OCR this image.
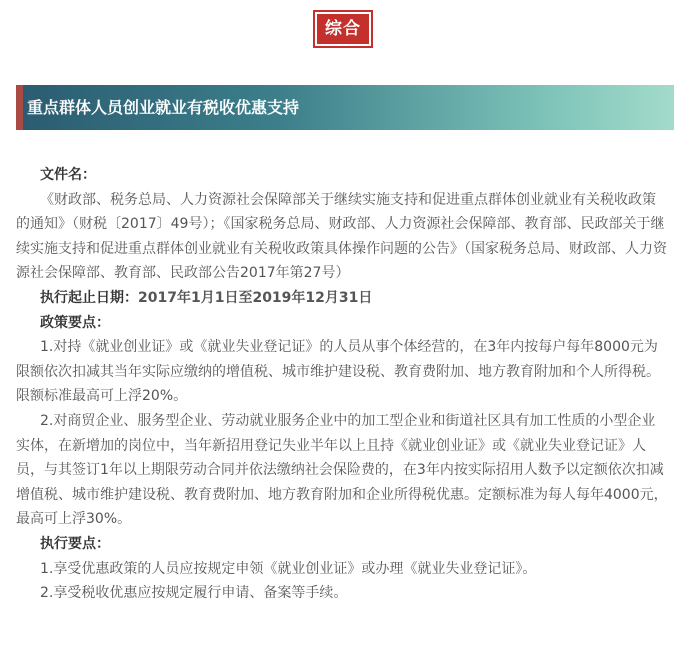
综合
重点群体人员创业就业有税收优惠支持

文件名：

《财政部、税务总局、人力资源社会保障部关于继续实施支持和促进重点群体创业就业有关税收政策的通知》（财税〔2017〕49号）；《国家税务总局、财政部、人力资源社会保障部、教育部、民政部关于继续实施支持和促进重点群体创业就业有关税收政策具体操作问题的公告》（国家税务总局、财政部、人力资源社会保障部、教育部、民政部公告2017年第27号）

执行起止日期：2017年1月1日至2019年12月31日

政策要点：

1.对持《就业创业证》或《就业失业登记证》的人员从事个体经营的，在3年内按每户每年8000元为限额依次扣减其当年实际应缴纳的增值税、城市维护建设税、教育费附加、地方教育附加和个人所得税。限额标准最高可上浮20%。

2.对商贸企业、服务型企业、劳动就业服务企业中的加工型企业和街道社区具有加工性质的小型企业实体，在新增加的岗位中，当年新招用登记失业半年以上且持《就业创业证》或《就业失业登记证》人员，与其签订1年以上期限劳动合同并依法缴纳社会保险费的，在3年内按实际招用人数予以定额依次扣减增值税、城市维护建设税、教育费附加、地方教育附加和企业所得税优惠。定额标准为每人每年4000元，最高可上浮30%。

执行要点：

1.享受优惠政策的人员应按规定申领《就业创业证》或办理《就业失业登记证》。

2.享受税收优惠应按规定履行申请、备案等手续。
